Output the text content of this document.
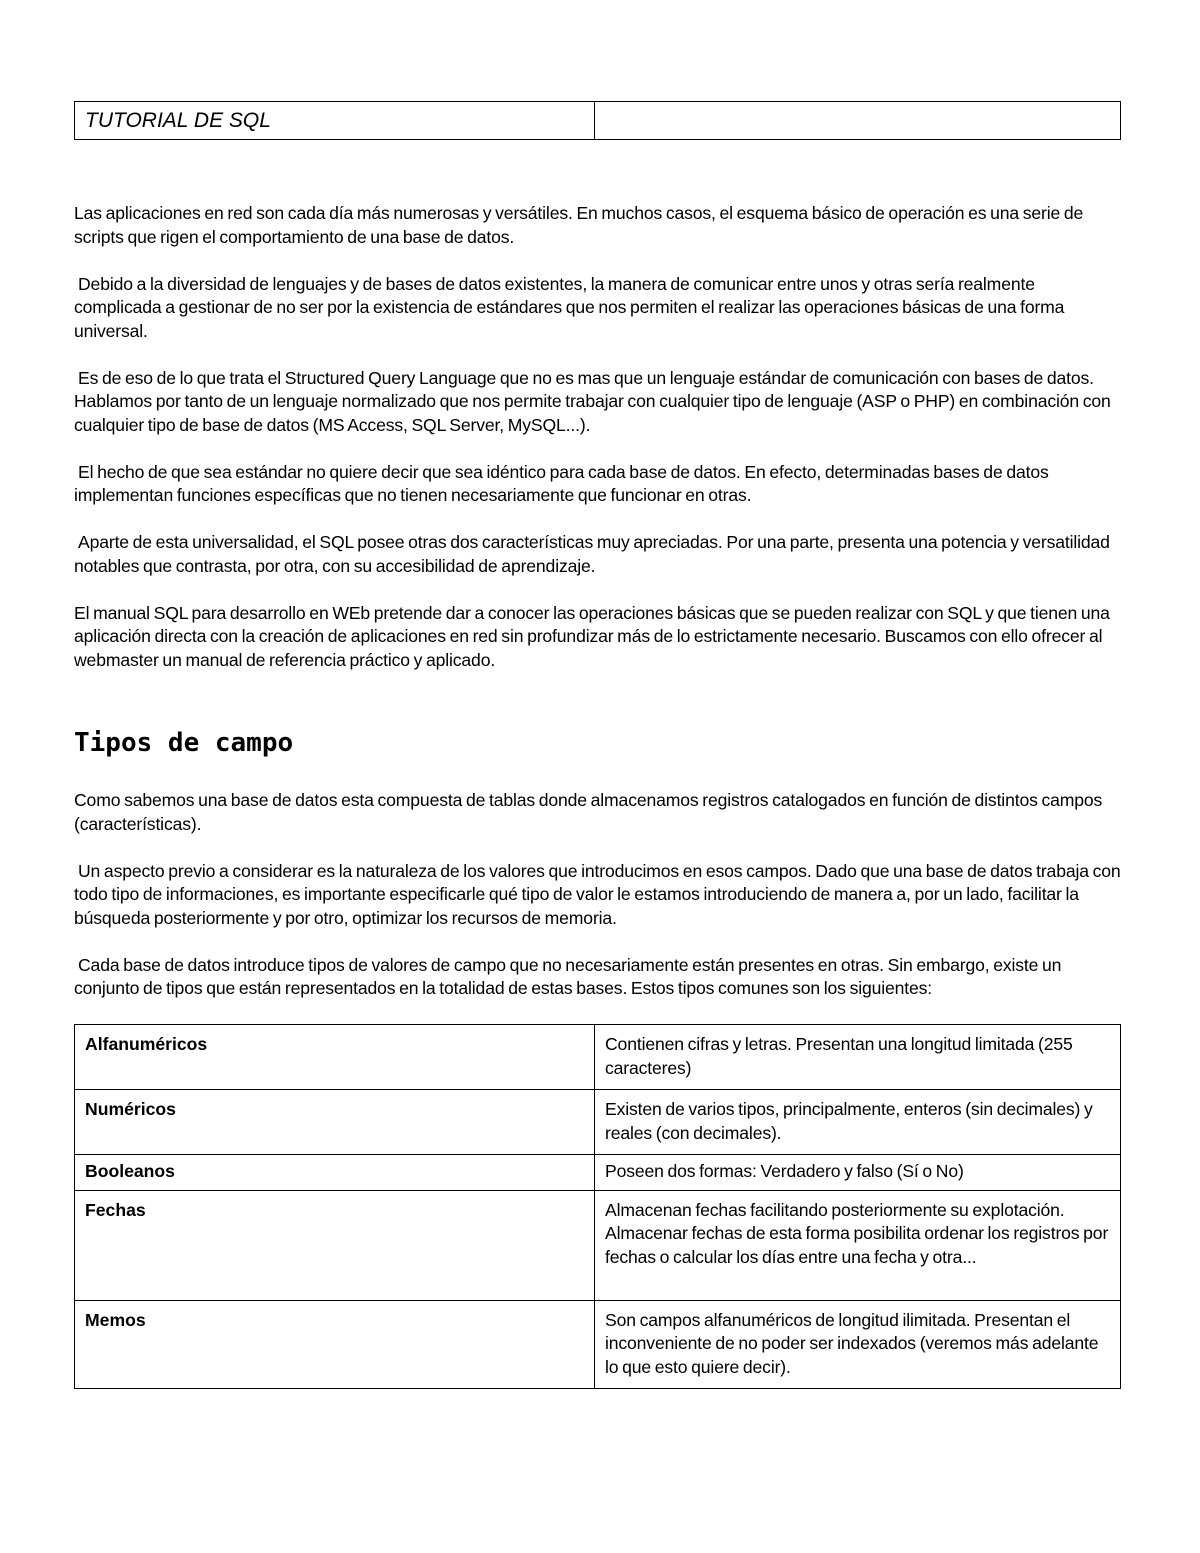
TUTORIAL DE SQL	

Las aplicaciones en red son cada día más numerosas y versátiles. En muchos casos, el esquema básico de operación es una serie de scripts que rigen el comportamiento de una base de datos.

Debido a la diversidad de lenguajes y de bases de datos existentes, la manera de comunicar entre unos y otras sería realmente complicada a gestionar de no ser por la existencia de estándares que nos permiten el realizar las operaciones básicas de una forma universal.

Es de eso de lo que trata el Structured Query Language que no es mas que un lenguaje estándar de comunicación con bases de datos. Hablamos por tanto de un lenguaje normalizado que nos permite trabajar con cualquier tipo de lenguaje (ASP o PHP) en combinación con cualquier tipo de base de datos (MS Access, SQL Server, MySQL...).

El hecho de que sea estándar no quiere decir que sea idéntico para cada base de datos. En efecto, determinadas bases de datos implementan funciones específicas que no tienen necesariamente que funcionar en otras.

Aparte de esta universalidad, el SQL posee otras dos características muy apreciadas. Por una parte, presenta una potencia y versatilidad notables que contrasta, por otra, con su accesibilidad de aprendizaje.

El manual SQL para desarrollo en WEb pretende dar a conocer las operaciones básicas que se pueden realizar con SQL y que tienen una aplicación directa con la creación de aplicaciones en red sin profundizar más de lo estrictamente necesario. Buscamos con ello ofrecer al webmaster un manual de referencia práctico y aplicado.

Tipos de campo

Como sabemos una base de datos esta compuesta de tablas donde almacenamos registros catalogados en función de distintos campos (características).

Un aspecto previo a considerar es la naturaleza de los valores que introducimos en esos campos. Dado que una base de datos trabaja con todo tipo de informaciones, es importante especificarle qué tipo de valor le estamos introduciendo de manera a, por un lado, facilitar la búsqueda posteriormente y por otro, optimizar los recursos de memoria.

Cada base de datos introduce tipos de valores de campo que no necesariamente están presentes en otras. Sin embargo, existe un conjunto de tipos que están representados en la totalidad de estas bases. Estos tipos comunes son los siguientes:

Alfanuméricos	Contienen cifras y letras. Presentan una longitud limitada (255 caracteres)
Numéricos	Existen de varios tipos, principalmente, enteros (sin decimales) y reales (con decimales).
Booleanos	Poseen dos formas: Verdadero y falso (Sí o No)
Fechas	Almacenan fechas facilitando posteriormente su explotación. Almacenar fechas de esta forma posibilita ordenar los registros por fechas o calcular los días entre una fecha y otra...
Memos	Son campos alfanuméricos de longitud ilimitada. Presentan el inconveniente de no poder ser indexados (veremos más adelante lo que esto quiere decir).
